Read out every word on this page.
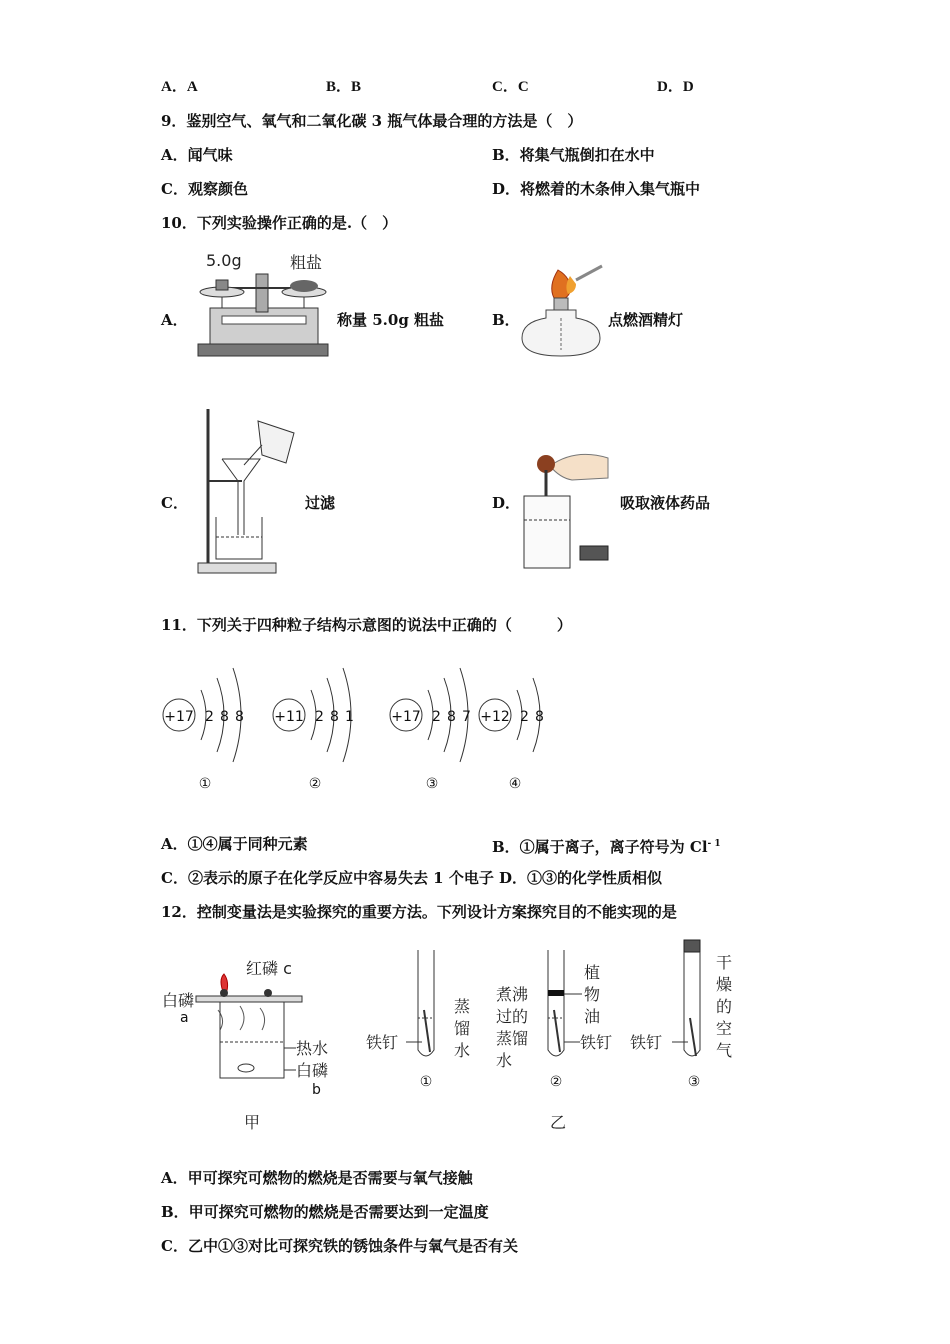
A．A	B．B	C．C	D．D
9．鉴别空气、氧气和二氧化碳 3 瓶气体最合理的方法是（　）
A．闻气味	B．将集气瓶倒扣在水中
C．观察颜色	D．将燃着的木条伸入集气瓶中
10．下列实验操作正确的是.（　）
A．
5.0g	粗盐
称量 5.0g 粗盐	B．	点燃酒精灯
C．	过滤	D．	吸取液体药品
11．下列关于四种粒子结构示意图的说法中正确的（　　　）
+17 2 8 8
①
+11 2 8 1
②
+17 2 8 7
③
+12 2 8
④
A．①④属于同种元素	B．①属于离子，离子符号为 $Cl^{- 1}$
C．②表示的原子在化学反应中容易失去 1 个电子 D．①③的化学性质相似
12．控制变量法是实验探究的重要方法。下列设计方案探究目的不能实现的是
红磷 c
白磷
a
热水
白磷
b
甲
铁钉
蒸
馏
水
①
煮沸
过的
蒸馏
水
植
物
油
铁钉
②
铁钉
干
燥
的
空
气
③
乙
A．甲可探究可燃物的燃烧是否需要与氧气接触
B．甲可探究可燃物的燃烧是否需要达到一定温度
C．乙中①③对比可探究铁的锈蚀条件与氧气是否有关
